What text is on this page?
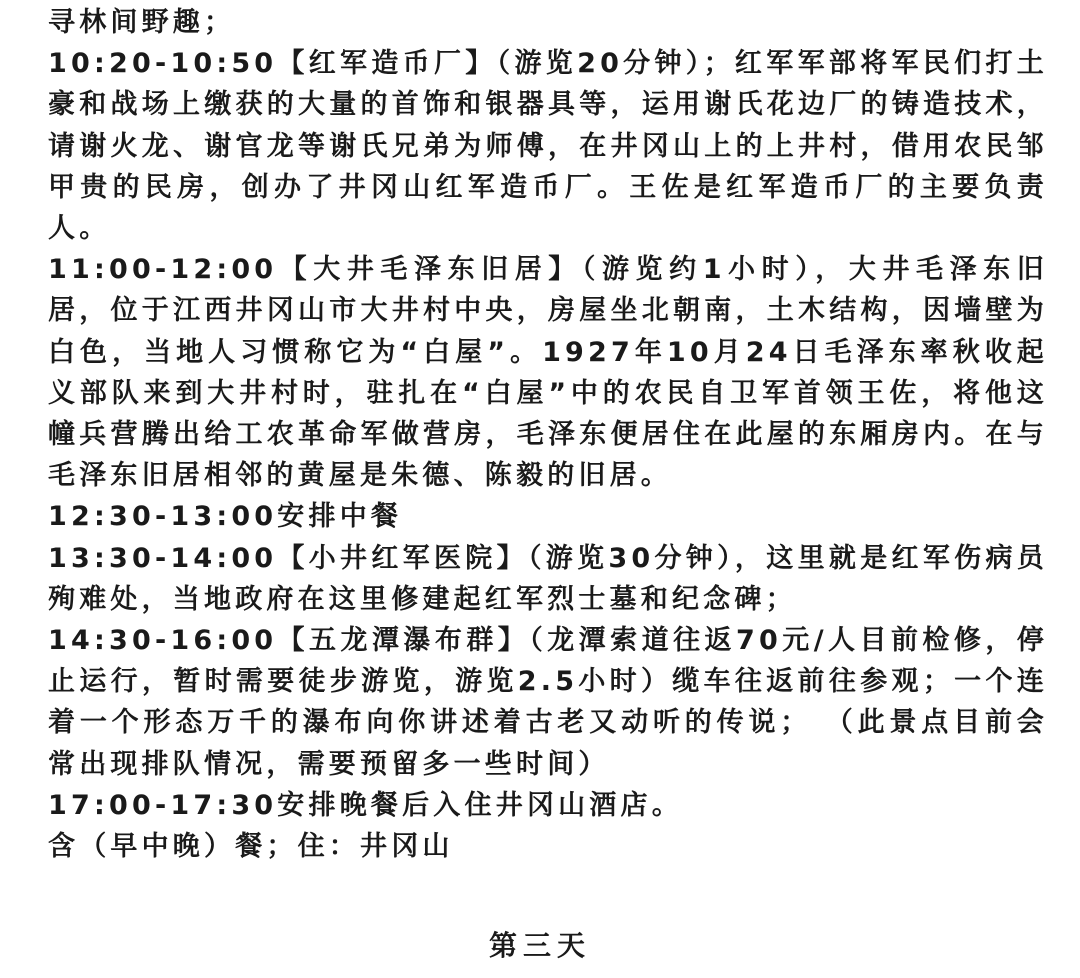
寻林间野趣；

10:20-10:50【红军造币厂】（游览20分钟）；红军军部将军民们打土豪和战场上缴获的大量的首饰和银器具等，运用谢氏花边厂的铸造技术，请谢火龙、谢官龙等谢氏兄弟为师傅，在井冈山上的上井村，借用农民邹甲贵的民房，创办了井冈山红军造币厂。王佐是红军造币厂的主要负责人。

11:00-12:00【大井毛泽东旧居】（游览约1小时），大井毛泽东旧居，位于江西井冈山市大井村中央，房屋坐北朝南，土木结构，因墙壁为白色，当地人习惯称它为“白屋”。1927年10月24日毛泽东率秋收起义部队来到大井村时，驻扎在“白屋”中的农民自卫军首领王佐，将他这幢兵营腾出给工农革命军做营房，毛泽东便居住在此屋的东厢房内。在与毛泽东旧居相邻的黄屋是朱德、陈毅的旧居。

12:30-13:00安排中餐

13:30-14:00【小井红军医院】（游览30分钟），这里就是红军伤病员殉难处，当地政府在这里修建起红军烈士墓和纪念碑；

14:30-16:00【五龙潭瀑布群】（龙潭索道往返70元/人目前检修，停止运行，暂时需要徒步游览，游览2.5小时）缆车往返前往参观；一个连着一个形态万千的瀑布向你讲述着古老又动听的传说； （此景点目前会常出现排队情况，需要预留多一些时间）

17:00-17:30安排晚餐后入住井冈山酒店。

含（早中晚）餐；住：井冈山

第三天
